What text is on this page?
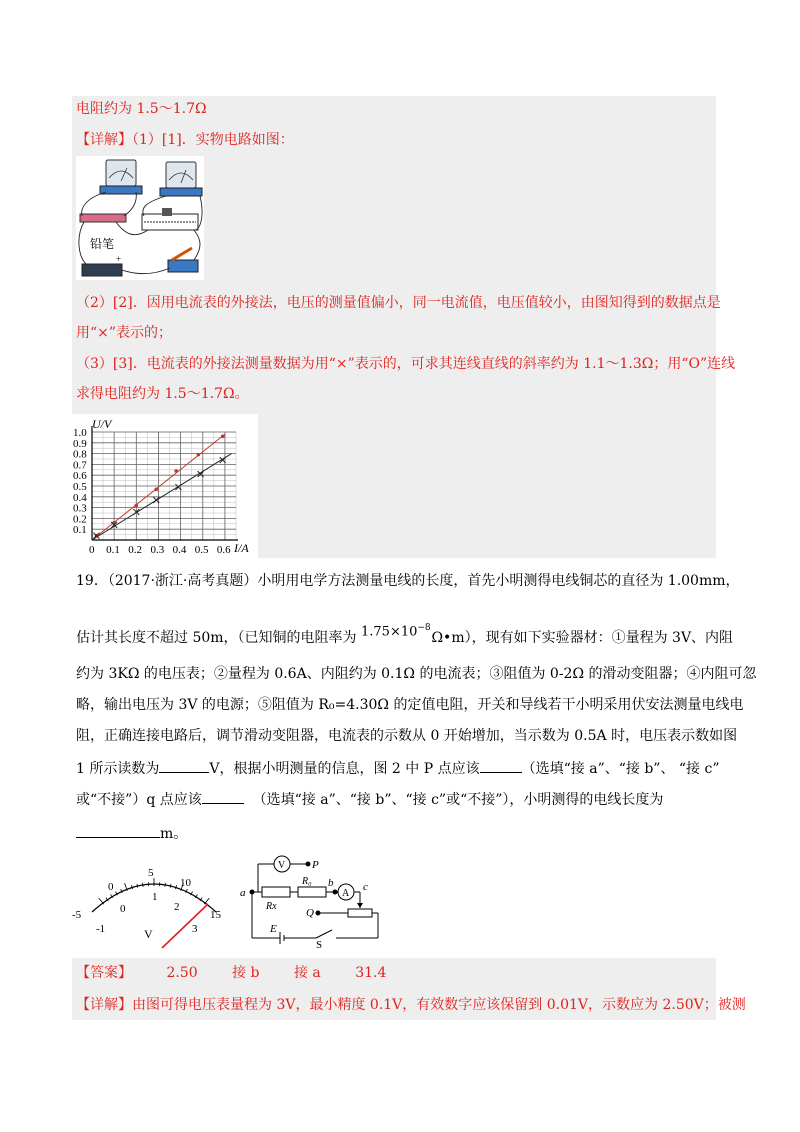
电阻约为 1.5～1.7Ω
【详解】（1）[1]．实物电路如图：
铅笔
+
（2）[2]．因用电流表的外接法，电压的测量值偏小，同一电流值，电压值较小，由图知得到的数据点是
用“×”表示的；
（3）[3]．电流表的外接法测量数据为用“×”表示的，可求其连线直线的斜率约为 1.1～1.3Ω；用“O”连线
求得电阻约为 1.5～1.7Ω。
0 0.1 0.2 0.3 0.4 0.5 0.6
0.1
0.2
0.3
0.4
0.5
0.6
0.7
0.8
0.9
1.0
U/V
I/A
19．（2017·浙江·高考真题）小明用电学方法测量电线的长度，首先小明测得电线铜芯的直径为 1.00mm，
估计其长度不超过 50m，（已知铜的电阻率为 $1.75\times 10^{-8}$
Ω•m），现有如下实验器材：①量程为 3V、内阻
约为 3KΩ 的电压表；②量程为 0.6A、内阻约为 0.1Ω 的电流表；③阻值为 0-2Ω 的滑动变阻器；④内阻可忽
略，输出电压为 3V 的电源；⑤阻值为 R₀=4.30Ω 的定值电阻，开关和导线若干小明采用伏安法测量电线电
阻，正确连接电路后，调节滑动变阻器，电流表的示数从 0 开始增加，当示数为 0.5A 时，电压表示数如图
1 所示读数为	V，根据小明测量的信息，图 2 中 P 点应该	（选填“接 a”、“接 b”、 “接 c”
或“不接”）q 点应该	（选填“接 a”、“接 b”、“接 c”或“不接”），小明测得的电线长度为
m。
0
5
10
-5	15
0
1
2
-1	3
V
V P
a
R₀ b
A
c
Rx
Q
E
S
【答案】 2.50 接 b 接 a 31.4
【详解】由图可得电压表量程为 3V，最小精度 0.1V，有效数字应该保留到 0.01V，示数应为 2.50V；被测
